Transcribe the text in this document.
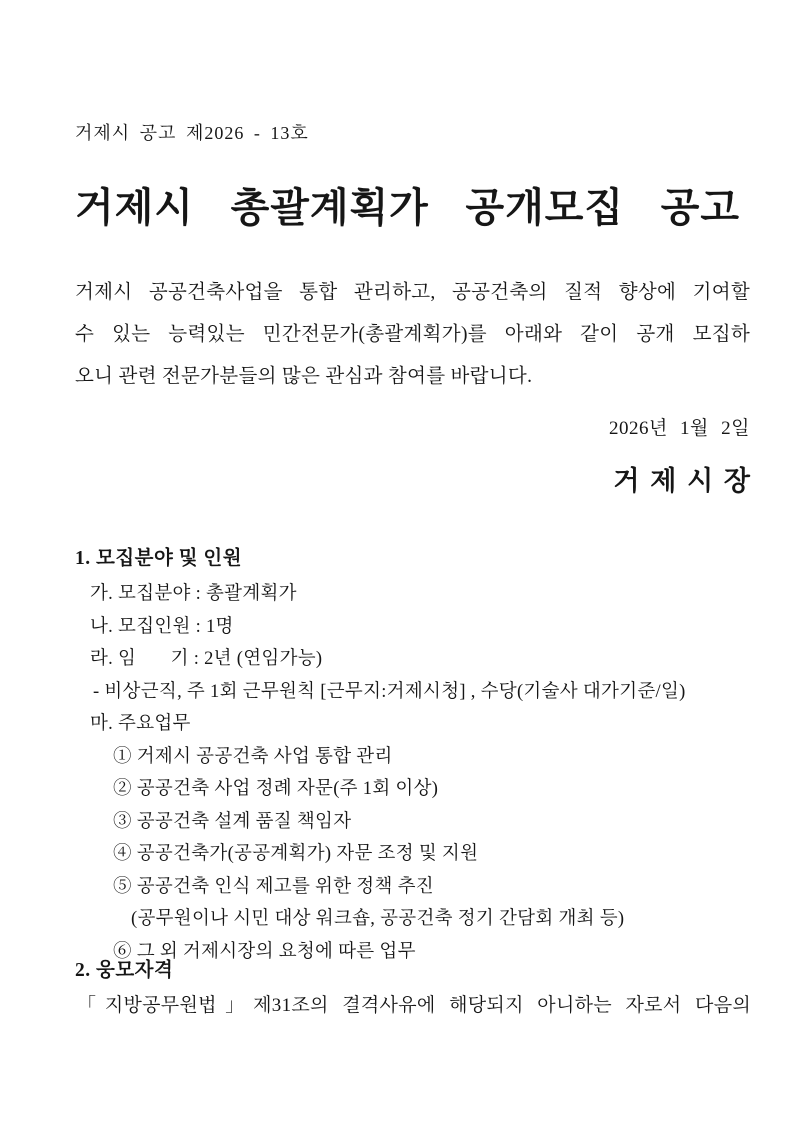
거제시 공고 제2026 - 13호
거제시 총괄계획가 공개모집 공고
거제시 공공건축사업을 통합 관리하고, 공공건축의 질적 향상에 기여할
수 있는 능력있는 민간전문가(총괄계획가)를 아래와 같이 공개 모집하
오니 관련 전문가분들의 많은 관심과 참여를 바랍니다.
2026년 1월 2일
거 제 시 장
1. 모집분야 및 인원
가. 모집분야 : 총괄계획가
나. 모집인원 : 1명
라. 임       기 : 2년 (연임가능)
- 비상근직, 주 1회 근무원칙 [근무지:거제시청] , 수당(기술사 대가기준/일)
마. 주요업무
① 거제시 공공건축 사업 통합 관리
② 공공건축 사업 정례 자문(주 1회 이상)
③ 공공건축 설계 품질 책임자
④ 공공건축가(공공계획가) 자문 조정 및 지원
⑤ 공공건축 인식 제고를 위한 정책 추진
(공무원이나 시민 대상 워크숍, 공공건축 정기 간담회 개최 등)
⑥ 그 외 거제시장의 요청에 따른 업무
2. 웅모자격
「지방공무원법」제31조의 결격사유에 해당되지 아니하는 자로서 다음의
